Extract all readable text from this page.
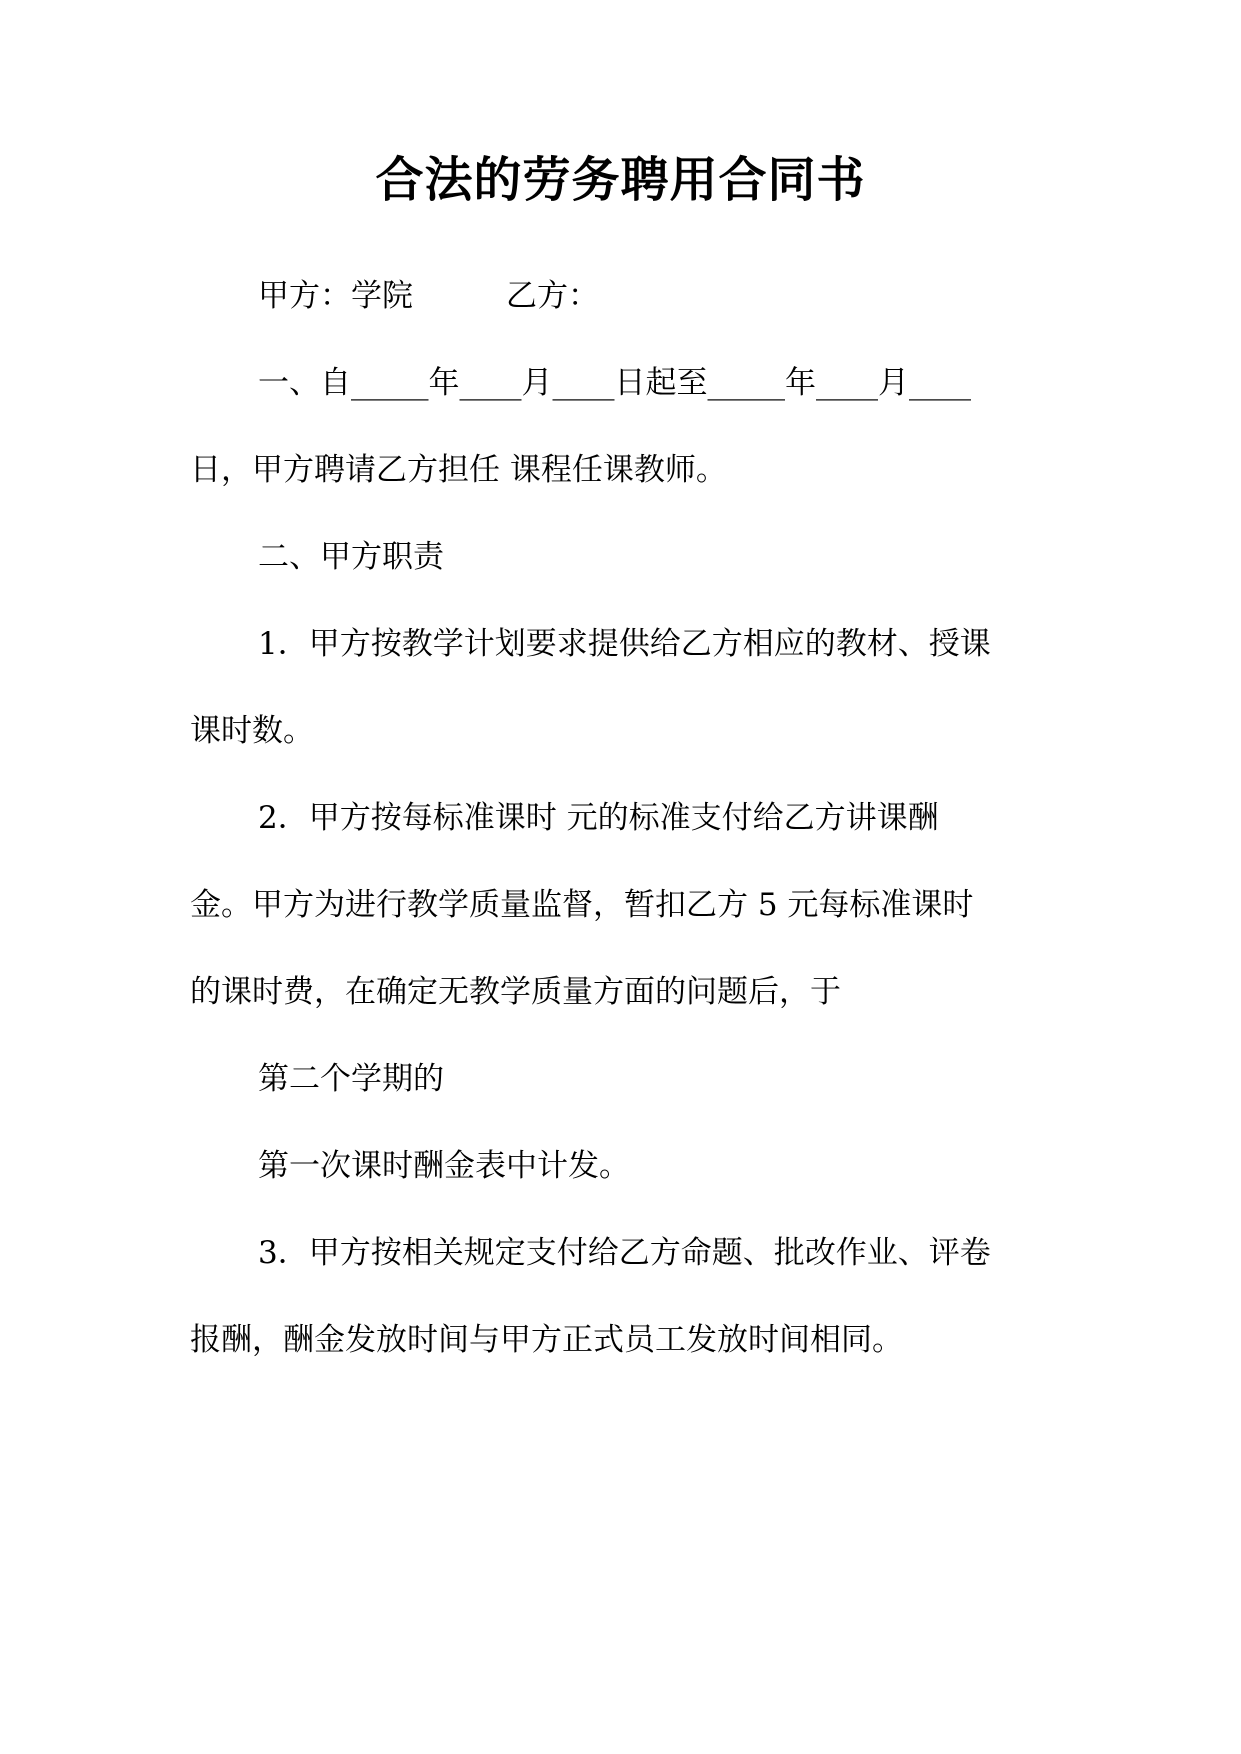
合法的劳务聘用合同书
甲方：学院　　　乙方：
一、自_____年____月____日起至_____年____月____
日，甲方聘请乙方担任 课程任课教师。
二、甲方职责
1．甲方按教学计划要求提供给乙方相应的教材、授课
课时数。
2．甲方按每标准课时 元的标准支付给乙方讲课酬
金。甲方为进行教学质量监督，暂扣乙方 5 元每标准课时
的课时费，在确定无教学质量方面的问题后，于
第二个学期的
第一次课时酬金表中计发。
3．甲方按相关规定支付给乙方命题、批改作业、评卷
报酬，酬金发放时间与甲方正式员工发放时间相同。
